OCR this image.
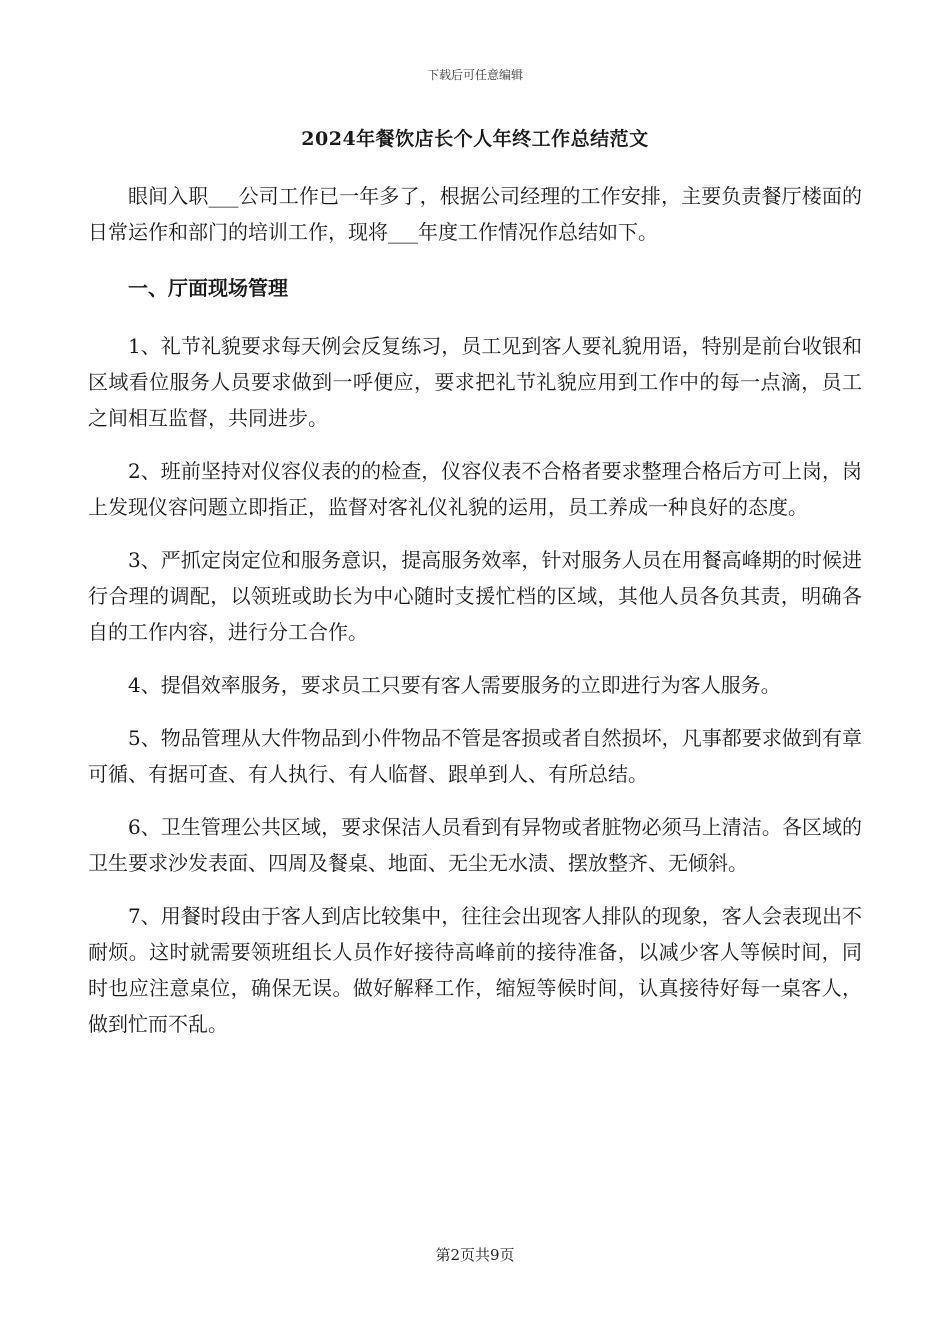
下载后可任意编辑
2024年餐饮店长个人年终工作总结范文

眼间入职___公司工作已一年多了，根据公司经理的工作安排，主要负责餐厅楼面的日常运作和部门的培训工作，现将___年度工作情况作总结如下。

一、厅面现场管理

1、礼节礼貌要求每天例会反复练习，员工见到客人要礼貌用语，特别是前台收银和区域看位服务人员要求做到一呼便应，要求把礼节礼貌应用到工作中的每一点滴，员工之间相互监督，共同进步。

2、班前坚持对仪容仪表的的检查，仪容仪表不合格者要求整理合格后方可上岗，岗上发现仪容问题立即指正，监督对客礼仪礼貌的运用，员工养成一种良好的态度。

3、严抓定岗定位和服务意识，提高服务效率，针对服务人员在用餐高峰期的时候进行合理的调配，以领班或助长为中心随时支援忙档的区域，其他人员各负其责，明确各自的工作内容，进行分工合作。

4、提倡效率服务，要求员工只要有客人需要服务的立即进行为客人服务。

5、物品管理从大件物品到小件物品不管是客损或者自然损坏，凡事都要求做到有章可循、有据可查、有人执行、有人临督、跟单到人、有所总结。

6、卫生管理公共区域，要求保洁人员看到有异物或者脏物必须马上清洁。各区域的卫生要求沙发表面、四周及餐桌、地面、无尘无水渍、摆放整齐、无倾斜。

7、用餐时段由于客人到店比较集中，往往会出现客人排队的现象，客人会表现出不耐烦。这时就需要领班组长人员作好接待高峰前的接待准备，以减少客人等候时间，同时也应注意桌位，确保无误。做好解释工作，缩短等候时间，认真接待好每一桌客人，做到忙而不乱。

第2页共9页
